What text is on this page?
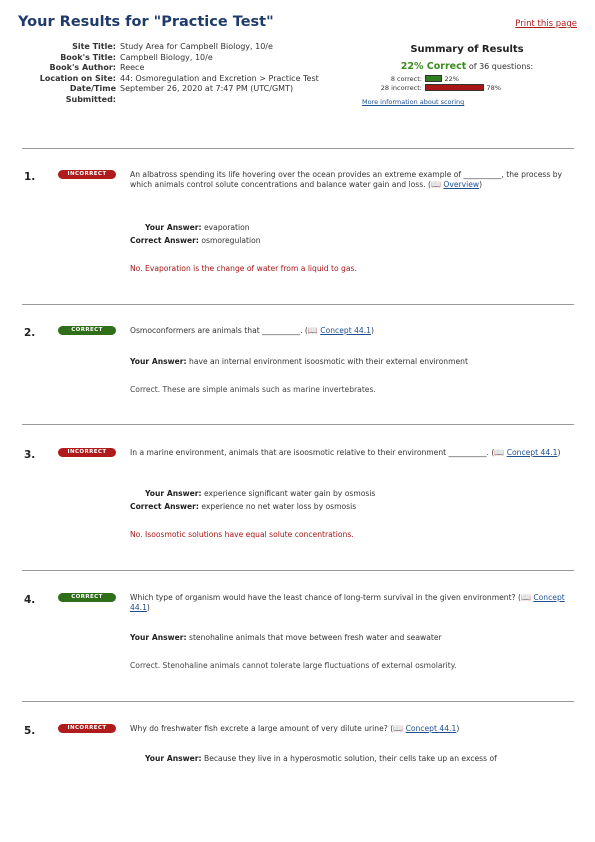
Your Results for "Practice Test"	Print this page
Site Title: Study Area for Campbell Biology, 10/e
Book's Title: Campbell Biology, 10/e
Book's Author: Reece
Location on Site: 44: Osmoregulation and Excretion > Practice Test
Date/Time Submitted:
September 26, 2020 at 7:47 PM (UTC/GMT)
Summary of Results
22% Correct of 36 questions:
8 correct:	22%
28 incorrect:	78%
More information about scoring
1.	INCORRECT	An albatross spending its life hovering over the ocean provides an extreme example of __________, the process by which animals control solute concentrations and balance water gain and loss. (📖 Overview)
Your Answer: evaporation
Correct Answer: osmoregulation
No. Evaporation is the change of water from a liquid to gas.
2.	CORRECT	Osmoconformers are animals that __________. (📖 Concept 44.1)
Your Answer: have an internal environment isoosmotic with their external environment
Correct. These are simple animals such as marine invertebrates.
3.	INCORRECT	In a marine environment, animals that are isoosmotic relative to their environment __________. (📖 Concept 44.1)
Your Answer: experience significant water gain by osmosis
Correct Answer: experience no net water loss by osmosis
No. Isoosmotic solutions have equal solute concentrations.
4.	CORRECT	Which type of organism would have the least chance of long-term survival in the given environment? (📖 Concept 44.1)
Your Answer: stenohaline animals that move between fresh water and seawater
Correct. Stenohaline animals cannot tolerate large fluctuations of external osmolarity.
5.	INCORRECT	Why do freshwater fish excrete a large amount of very dilute urine? (📖 Concept 44.1)
Your Answer: Because they live in a hyperosmotic solution, their cells take up an excess of
